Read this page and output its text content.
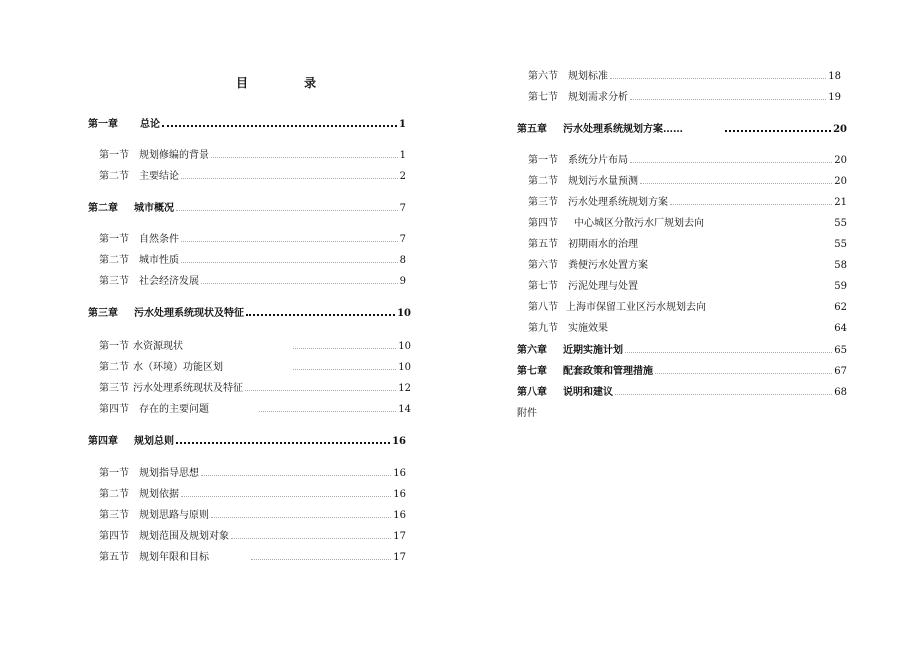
目 录
第一章 总论	1
第一节 规划修编的背景	1
第二节 主要结论	2
第二章 城市概况	7
第一节 自然条件	7
第二节 城市性质	8
第三节 社会经济发展	9
第三章 污水处理系统现状及特征	10
第一节 水资源现状	10
第二节 水（环境）功能区划	10
第三节 污水处理系统现状及特征	12
第四节 存在的主要问题	14
第四章 规划总则	16
第一节 规划指导思想	16
第二节 规划依据	16
第三节 规划思路与原则	16
第四节 规划范围及规划对象	17
第五节 规划年限和目标	17
第六节 规划标准	18
第七节 规划需求分析	19
第五章 污水处理系统规划方案……	20
第一节 系统分片布局	20
第二节 规划污水量预测	20
第三节 污水处理系统规划方案	21
第四节 中心城区分散污水厂规划去向	55
第五节 初期雨水的治理	55
第六节 粪便污水处置方案	58
第七节 污泥处理与处置	59
第八节 上海市保留工业区污水规划去向	62
第九节 实施效果	64
第六章 近期实施计划	65
第七章 配套政策和管理措施	67
第八章 说明和建议	68
附件
